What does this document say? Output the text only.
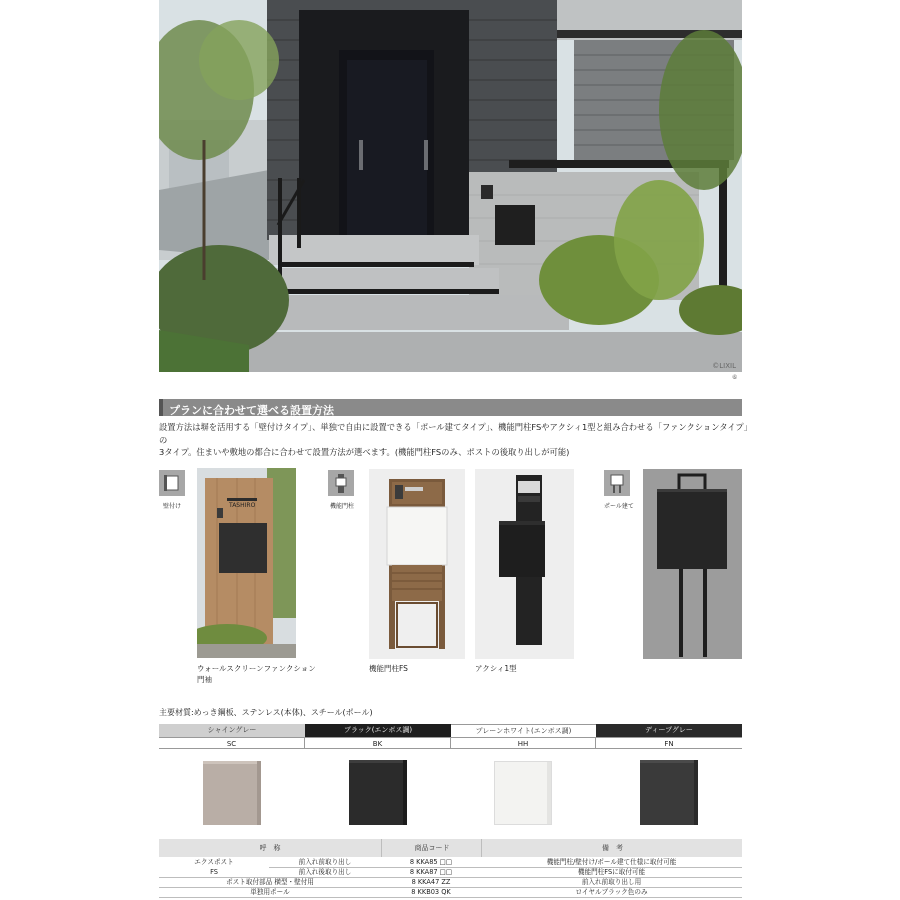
©LIXIL
⑥
プランに合わせて選べる設置方法
設置方法は塀を活用する「壁付けタイプ」、単独で自由に設置できる「ポール建てタイプ」、機能門柱FSやアクシィ1型と組み合わせる「ファンクションタイプ」の
3タイプ。住まいや敷地の都合に合わせて設置方法が選べます。(機能門柱FSのみ、ポストの後取り出しが可能)
壁付け	TASHIRO
ウォールスクリーンファンクション
門袖
機能門柱
機能門柱FS	アクシィ1型
ポール建て
主要材質:めっき鋼板、ステンレス(本体)、スチール(ポール)
シャイングレー	ブラック(エンボス調)	プレーンホワイト(エンボス調)	ディープグレー
SC	BK	HH	FN
呼　称	商品コード	備　考
エクスポスト	前入れ前取り出し	8 KKA85 □□	機能門柱/壁付け/ポール建て仕様に取付可能
FS	前入れ後取り出し	8 KKA87 □□	機能門柱FSに取付可能
ポスト取付部品 横型・壁付用	8 KKA47 ZZ	前入れ前取り出し用
単独用ポール	8 KKB03 QK	ロイヤルブラック色のみ
